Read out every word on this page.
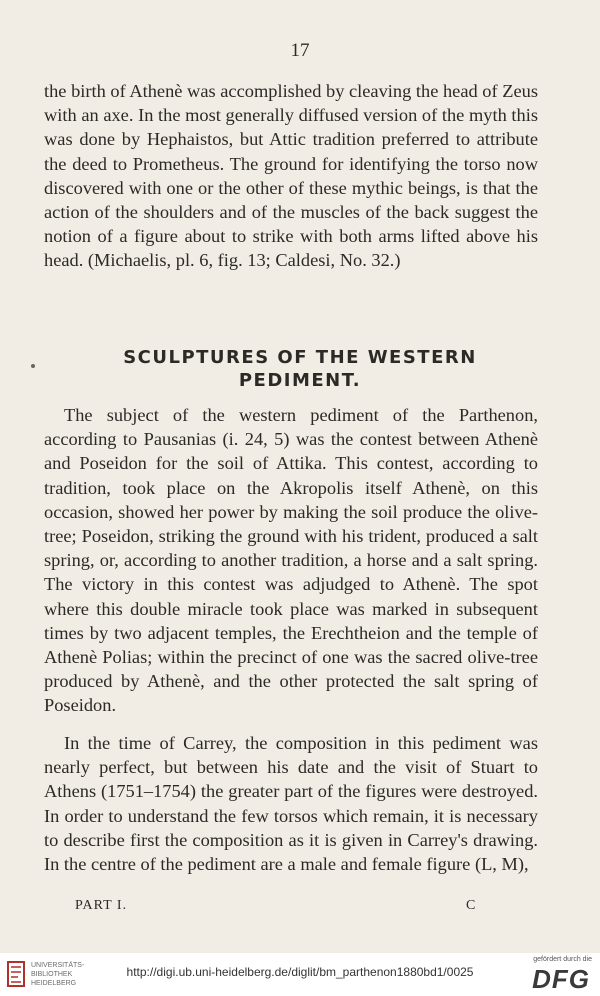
17

the birth of Athenè was accomplished by cleaving the head of Zeus with an axe. In the most generally diffused version of the myth this was done by Hephaistos, but Attic tradition preferred to attribute the deed to Prometheus. The ground for identifying the torso now discovered with one or the other of these mythic beings, is that the action of the shoulders and of the muscles of the back suggest the notion of a figure about to strike with both arms lifted above his head. (Michaelis, pl. 6, fig. 13; Caldesi, No. 32.)

SCULPTURES OF THE WESTERN

PEDIMENT.

The subject of the western pediment of the Parthenon, according to Pausanias (i. 24, 5) was the contest between Athenè and Poseidon for the soil of Attika. This contest, according to tradition, took place on the Akropolis itself Athenè, on this occasion, showed her power by making the soil produce the olive-tree; Poseidon, striking the ground with his trident, produced a salt spring, or, according to another tradition, a horse and a salt spring. The victory in this contest was adjudged to Athenè. The spot where this double miracle took place was marked in subsequent times by two adjacent temples, the Erechtheion and the temple of Athenè Polias; within the precinct of one was the sacred olive-tree produced by Athenè, and the other protected the salt spring of Poseidon.

In the time of Carrey, the composition in this pediment was nearly perfect, but between his date and the visit of Stuart to Athens (1751–1754) the greater part of the figures were destroyed. In order to understand the few torsos which remain, it is necessary to describe first the composition as it is given in Carrey's drawing. In the centre of the pediment are a male and female figure (L, M),

PART I.	C
UNIVERSITÄTS-
BIBLIOTHEK
HEIDELBERG
http://digi.ub.uni-heidelberg.de/diglit/bm_parthenon1880bd1/0025
gefördert durch die
DFG
